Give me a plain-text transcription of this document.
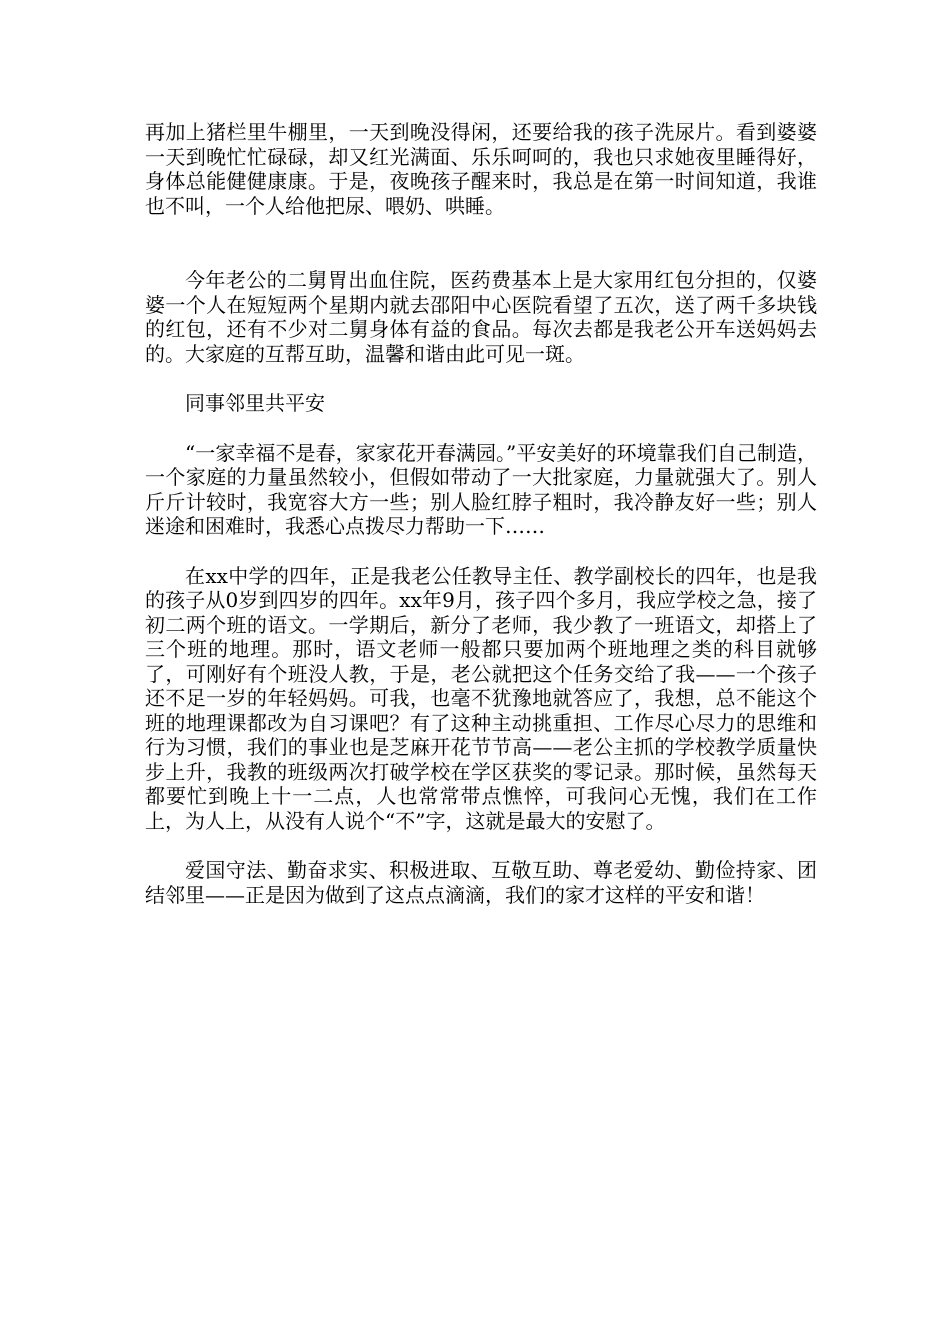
再加上猪栏里牛棚里，一天到晚没得闲，还要给我的孩子洗尿片。看到婆婆一天到晚忙忙碌碌，却又红光满面、乐乐呵呵的，我也只求她夜里睡得好，身体总能健健康康。于是，夜晚孩子醒来时，我总是在第一时间知道，我谁也不叫，一个人给他把尿、喂奶、哄睡。

今年老公的二舅胃出血住院，医药费基本上是大家用红包分担的，仅婆婆一个人在短短两个星期内就去邵阳中心医院看望了五次，送了两千多块钱的红包，还有不少对二舅身体有益的食品。每次去都是我老公开车送妈妈去的。大家庭的互帮互助，温馨和谐由此可见一斑。

同事邻里共平安

“一家幸福不是春，家家花开春满园。”平安美好的环境靠我们自己制造，一个家庭的力量虽然较小，但假如带动了一大批家庭，力量就强大了。别人斤斤计较时，我宽容大方一些；别人脸红脖子粗时，我冷静友好一些；别人迷途和困难时，我悉心点拨尽力帮助一下……

在xx中学的四年，正是我老公任教导主任、教学副校长的四年，也是我的孩子从0岁到四岁的四年。xx年9月，孩子四个多月，我应学校之急，接了初二两个班的语文。一学期后，新分了老师，我少教了一班语文，却搭上了三个班的地理。那时，语文老师一般都只要加两个班地理之类的科目就够了，可刚好有个班没人教，于是，老公就把这个任务交给了我——一个孩子还不足一岁的年轻妈妈。可我，也毫不犹豫地就答应了，我想，总不能这个班的地理课都改为自习课吧？有了这种主动挑重担、工作尽心尽力的思维和行为习惯，我们的事业也是芝麻开花节节高——老公主抓的学校教学质量快步上升，我教的班级两次打破学校在学区获奖的零记录。那时候，虽然每天都要忙到晚上十一二点，人也常常带点憔悴，可我问心无愧，我们在工作上，为人上，从没有人说个“不”字，这就是最大的安慰了。

爱国守法、勤奋求实、积极进取、互敬互助、尊老爱幼、勤俭持家、团结邻里——正是因为做到了这点点滴滴，我们的家才这样的平安和谐！
